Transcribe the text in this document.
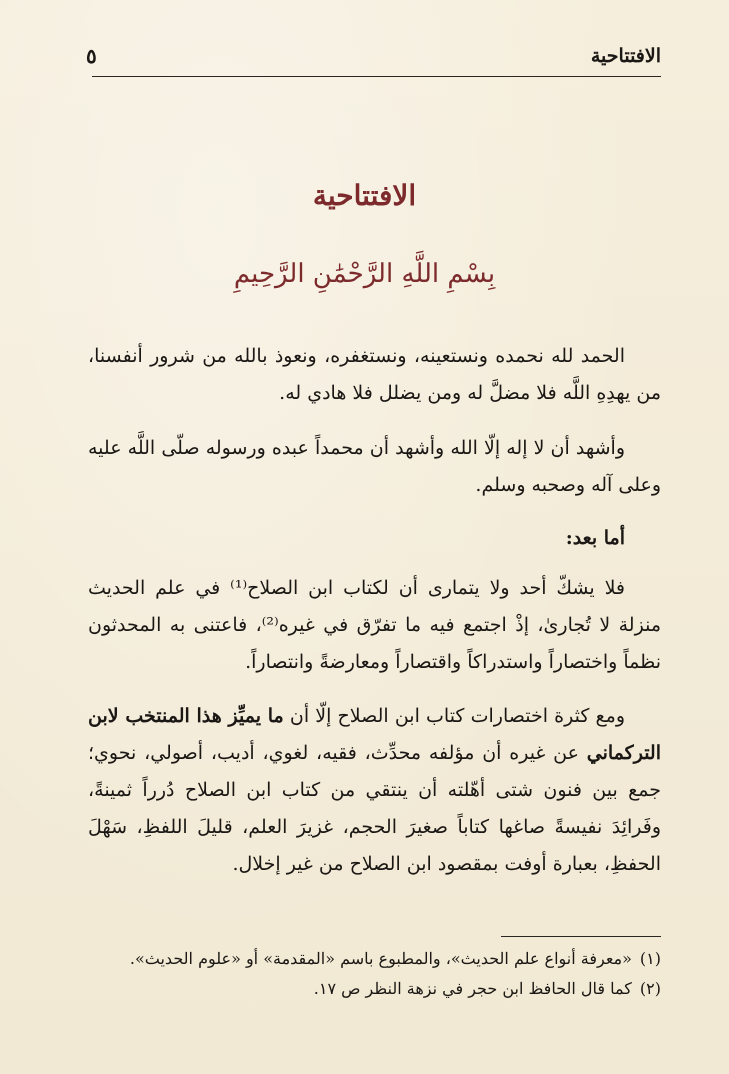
الافتتاحية
٥
الافتتاحية
بِسْمِ اللَّهِ الرَّحْمَٰنِ الرَّحِيمِ

الحمد لله نحمده ونستعينه، ونستغفره، ونعوذ بالله من شرور أنفسنا، من يهدِهِ اللَّه فلا مضلَّ له ومن يضلل فلا هادي له.

وأشهد أن لا إله إلّا الله وأشهد أن محمداً عبده ورسوله صلّى اللَّه عليه وعلى آله وصحبه وسلم.

أما بعد:

فلا يشكّ أحد ولا يتمارى أن لكتاب ابن الصلاح⁽¹⁾ في علم الحديث منزلة لا تُجارىٰ، إذْ اجتمع فيه ما تفرّق في غيره⁽²⁾، فاعتنى به المحدثون نظماً واختصاراً واستدراكاً واقتصاراً ومعارضةً وانتصاراً.

ومع كثرة اختصارات كتاب ابن الصلاح إلّا أن ما يميِّز هذا المنتخب لابن التركماني عن غيره أن مؤلفه محدِّث، فقيه، لغوي، أديب، أصولي، نحوي؛ جمع بين فنون شتى أهّلته أن ينتقي من كتاب ابن الصلاح دُرراً ثمينةً، وفَرائِدَ نفيسةً صاغها كتاباً صغيرَ الحجم، غزيرَ العلم، قليلَ اللفظِ، سَهْلَ الحفظِ، بعبارة أوفت بمقصود ابن الصلاح من غير إخلال.

(١)
«معرفة أنواع علم الحديث»، والمطبوع باسم «المقدمة» أو «علوم الحديث».
(٢)
كما قال الحافظ ابن حجر في نزهة النظر ص ١٧.
